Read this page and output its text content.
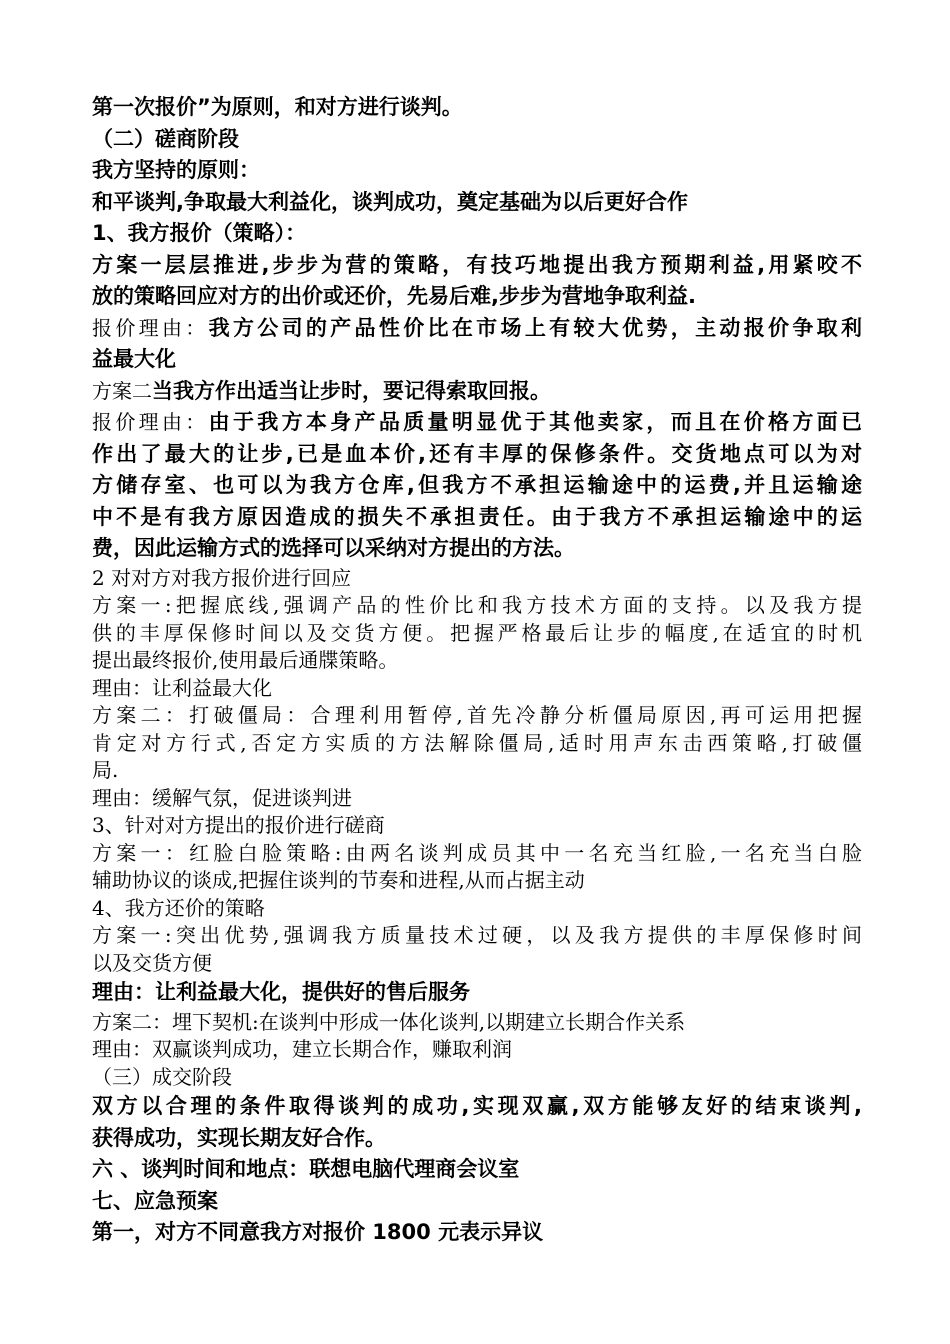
第一次报价”为原则，和对方进行谈判。
（二）磋商阶段
我方坚持的原则：
和平谈判,争取最大利益化，谈判成功，奠定基础为以后更好合作
1、我方报价（策略）：
方案一层层推进,步步为营的策略，有技巧地提出我方预期利益,用紧咬不
放的策略回应对方的出价或还价，先易后难,步步为营地争取利益.
报价理由：我方公司的产品性价比在市场上有较大优势，主动报价争取利
益最大化
方案二当我方作出适当让步时，要记得索取回报。
报价理由：由于我方本身产品质量明显优于其他卖家，而且在价格方面已
作出了最大的让步,已是血本价,还有丰厚的保修条件。交货地点可以为对
方储存室、也可以为我方仓库,但我方不承担运输途中的运费,并且运输途
中不是有我方原因造成的损失不承担责任。由于我方不承担运输途中的运
费，因此运输方式的选择可以采纳对方提出的方法。
2 对对方对我方报价进行回应
方案一:把握底线,强调产品的性价比和我方技术方面的支持。以及我方提
供的丰厚保修时间以及交货方便。把握严格最后让步的幅度,在适宜的时机
提出最终报价,使用最后通牒策略。
理由：让利益最大化
方案二：打破僵局：合理利用暂停,首先冷静分析僵局原因,再可运用把握
肯定对方行式,否定方实质的方法解除僵局,适时用声东击西策略,打破僵
局.
理由：缓解气氛，促进谈判进
3、针对对方提出的报价进行磋商
方案一：红脸白脸策略:由两名谈判成员其中一名充当红脸,一名充当白脸
辅助协议的谈成,把握住谈判的节奏和进程,从而占据主动
4、我方还价的策略
方案一:突出优势,强调我方质量技术过硬，以及我方提供的丰厚保修时间
以及交货方便
理由：让利益最大化，提供好的售后服务
方案二：埋下契机:在谈判中形成一体化谈判,以期建立长期合作关系
理由：双赢谈判成功，建立长期合作，赚取利润
（三）成交阶段
双方以合理的条件取得谈判的成功,实现双赢,双方能够友好的结束谈判,
获得成功，实现长期友好合作。
六 、谈判时间和地点：联想电脑代理商会议室
七、应急预案
第一，对方不同意我方对报价 1800 元表示异议
